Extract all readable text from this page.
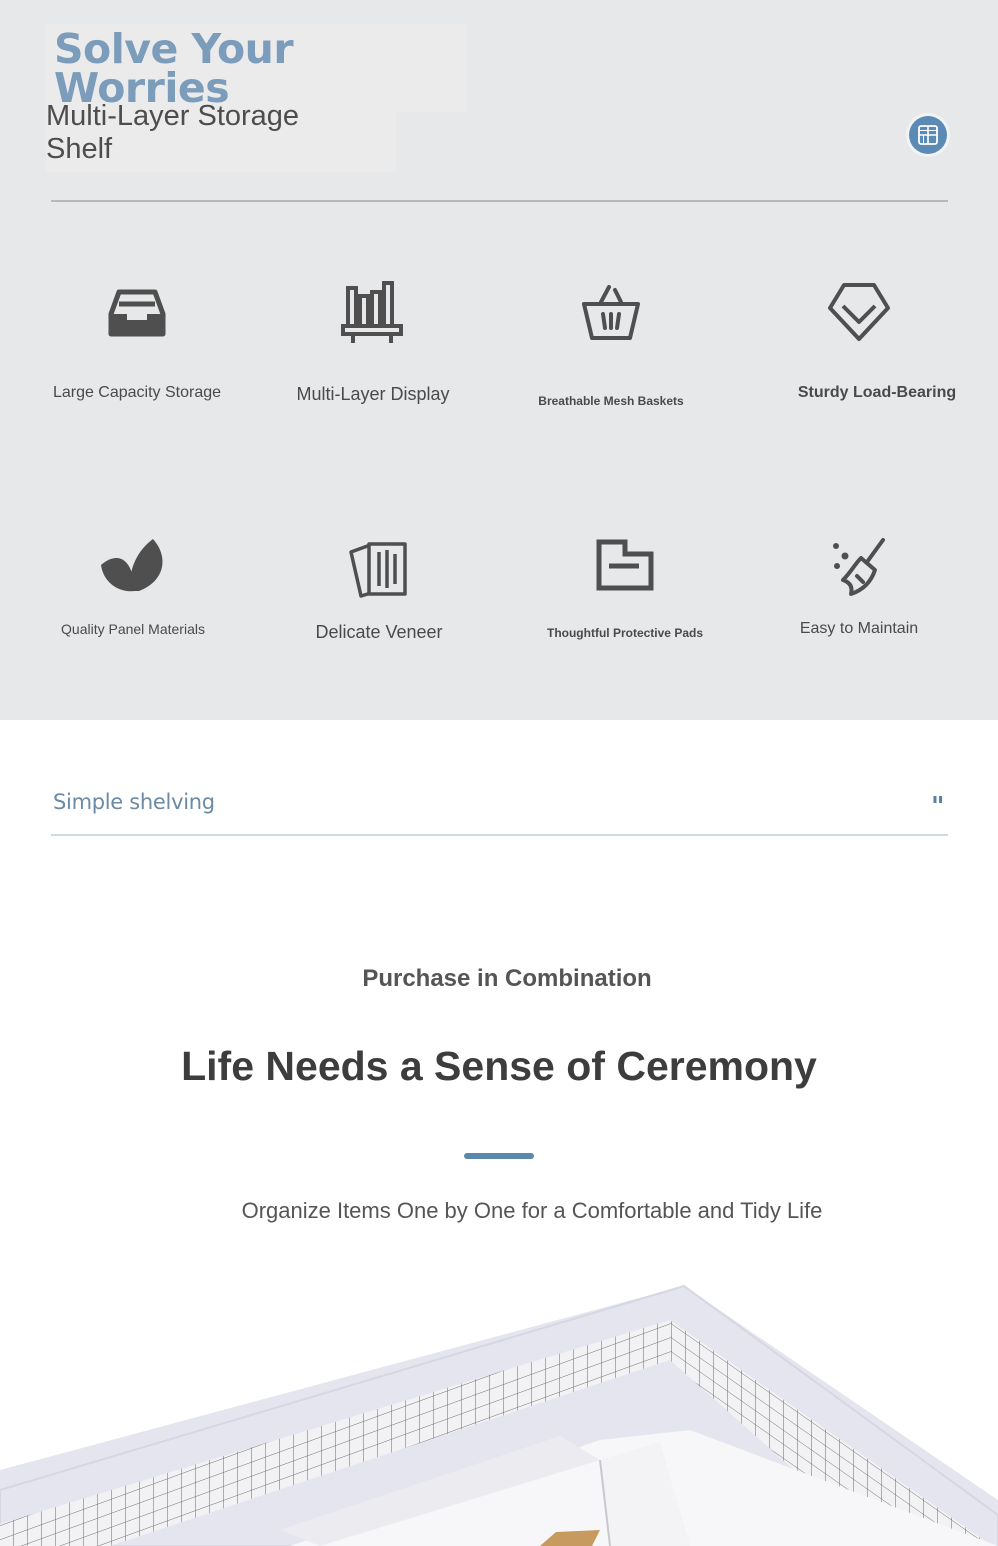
Solve Your Worries
Multi-Layer Storage Shelf
Large Capacity Storage	Multi-Layer Display	Breathable Mesh Baskets	Sturdy Load-Bearing
Quality Panel Materials	Delicate Veneer	Thoughtful Protective Pads	Easy to Maintain
Simple shelving	"
Purchase in Combination
Life Needs a Sense of Ceremony
Organize Items One by One for a Comfortable and Tidy Life
